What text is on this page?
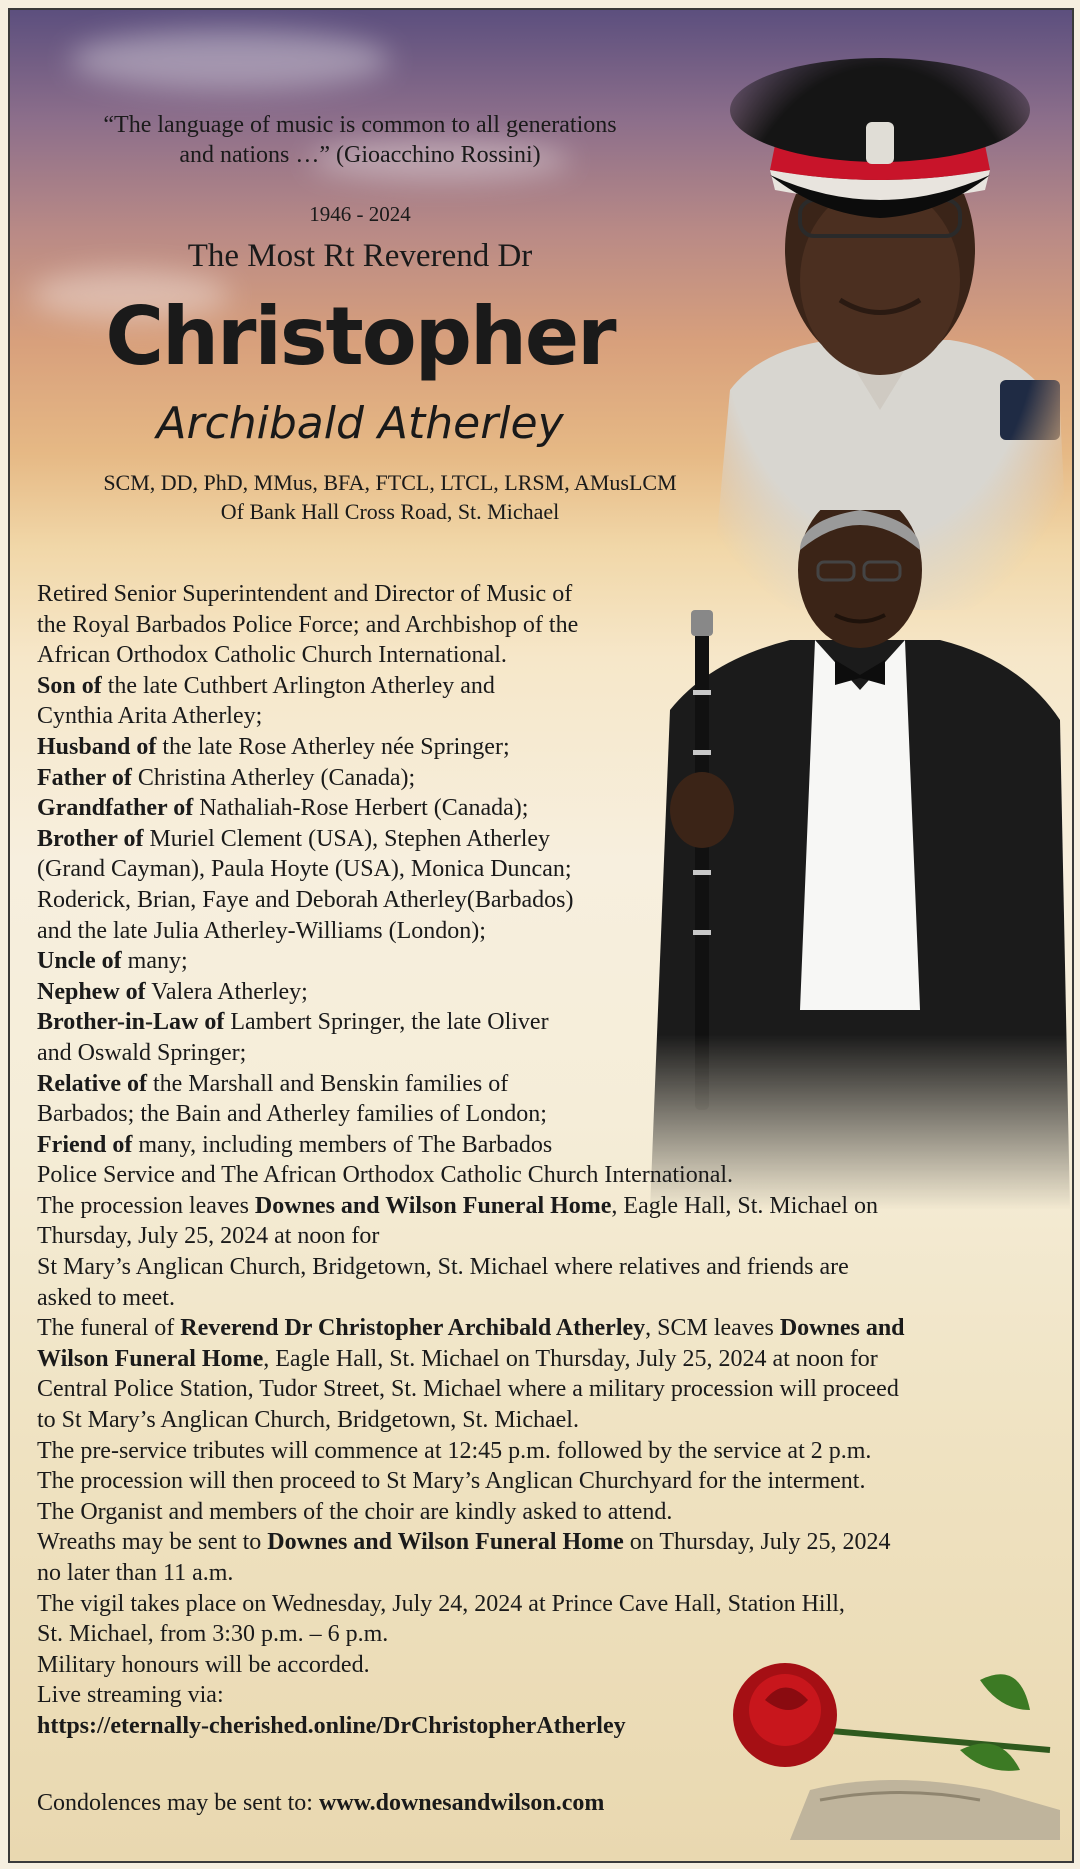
“The language of music is common to all generations
and nations …” (Gioacchino Rossini)
1946 - 2024
The Most Rt Reverend Dr
Christopher
Archibald Atherley
SCM, DD, PhD, MMus, BFA, FTCL, LTCL, LRSM, AMusLCM
Of Bank Hall Cross Road, St. Michael
Retired Senior Superintendent and Director of Music of
the Royal Barbados Police Force; and Archbishop of the
African Orthodox Catholic Church International.
Son of the late Cuthbert Arlington Atherley and
Cynthia Arita Atherley;
Husband of the late Rose Atherley née Springer;
Father of Christina Atherley (Canada);
Grandfather of Nathaliah-Rose Herbert (Canada);
Brother of Muriel Clement (USA), Stephen Atherley
(Grand Cayman), Paula Hoyte (USA), Monica Duncan;
Roderick, Brian, Faye and Deborah Atherley(Barbados)
and the late Julia Atherley-Williams (London);
Uncle of many;
Nephew of Valera Atherley;
Brother-in-Law of Lambert Springer, the late Oliver
and Oswald Springer;
Relative of the Marshall and Benskin families of
Barbados; the Bain and Atherley families of London;
Friend of many, including members of The Barbados
Police Service and The African Orthodox Catholic Church International.
The procession leaves Downes and Wilson Funeral Home, Eagle Hall, St. Michael on
Thursday, July 25, 2024 at noon for
St Mary’s Anglican Church, Bridgetown, St. Michael where relatives and friends are
asked to meet.
The funeral of Reverend Dr Christopher Archibald Atherley, SCM leaves Downes and
Wilson Funeral Home, Eagle Hall, St. Michael on Thursday, July 25, 2024 at noon for
Central Police Station, Tudor Street, St. Michael where a military procession will proceed
to St Mary’s Anglican Church, Bridgetown, St. Michael.
The pre-service tributes will commence at 12:45 p.m. followed by the service at 2 p.m.
The procession will then proceed to St Mary’s Anglican Churchyard for the interment.
The Organist and members of the choir are kindly asked to attend.
Wreaths may be sent to Downes and Wilson Funeral Home on Thursday, July 25, 2024
no later than 11 a.m.
The vigil takes place on Wednesday, July 24, 2024 at Prince Cave Hall, Station Hill,
St. Michael, from 3:30 p.m. – 6 p.m.
Military honours will be accorded.
Live streaming via:
https://eternally-cherished.online/DrChristopherAtherley
Condolences may be sent to: www.downesandwilson.com
